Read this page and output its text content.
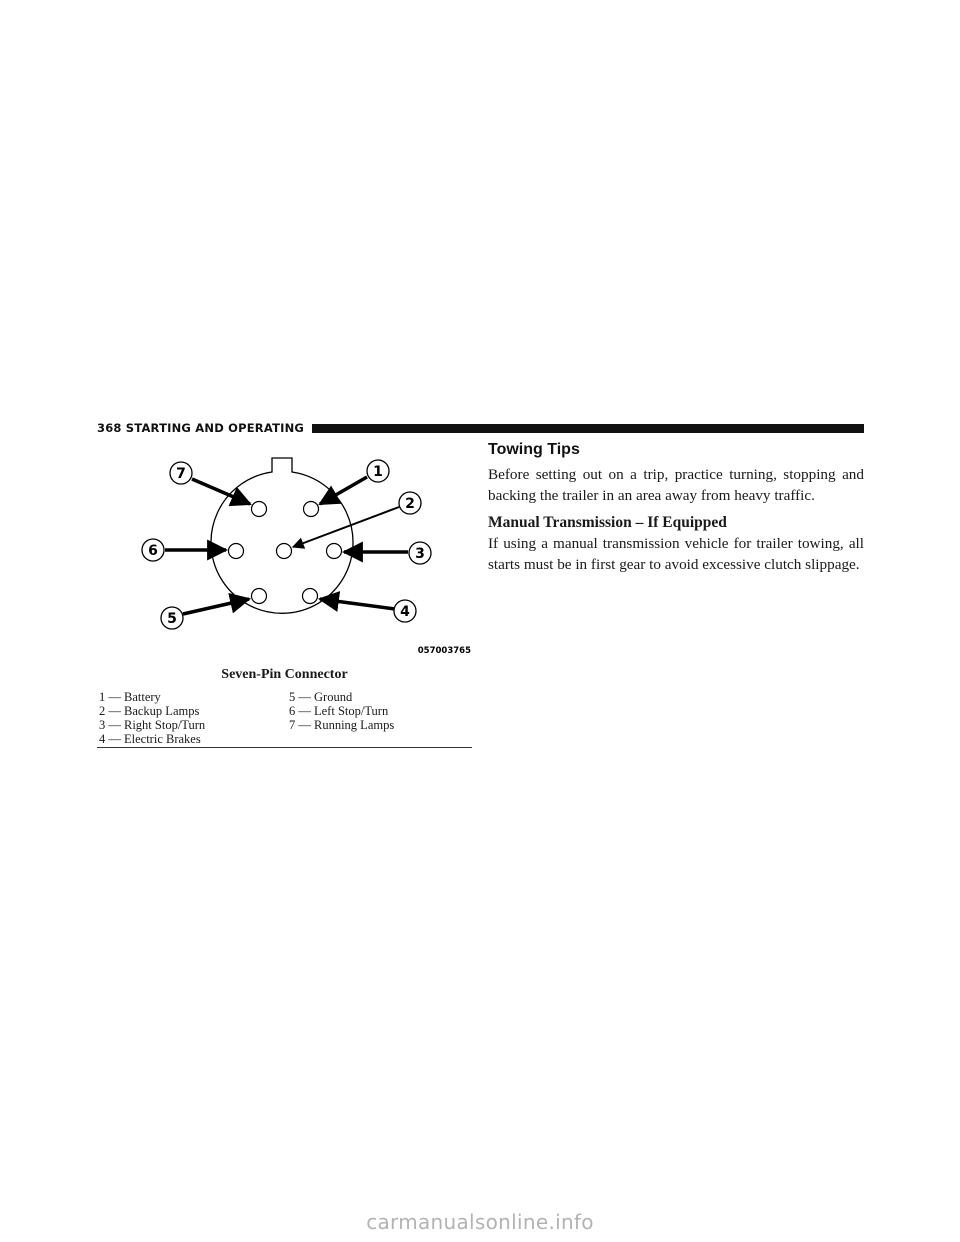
368 STARTING AND OPERATING
7	1
2
6	3
5	4
057003765

Seven-Pin Connector

1 — Battery	5 — Ground
2 — Backup Lamps	6 — Left Stop/Turn
3 — Right Stop/Turn	7 — Running Lamps
4 — Electric Brakes
Towing Tips

Before setting out on a trip, practice turning, stopping and backing the trailer in an area away from heavy traffic.

Manual Transmission – If Equipped

If using a manual transmission vehicle for trailer towing, all starts must be in first gear to avoid excessive clutch slippage.

carmanualsonline.info
